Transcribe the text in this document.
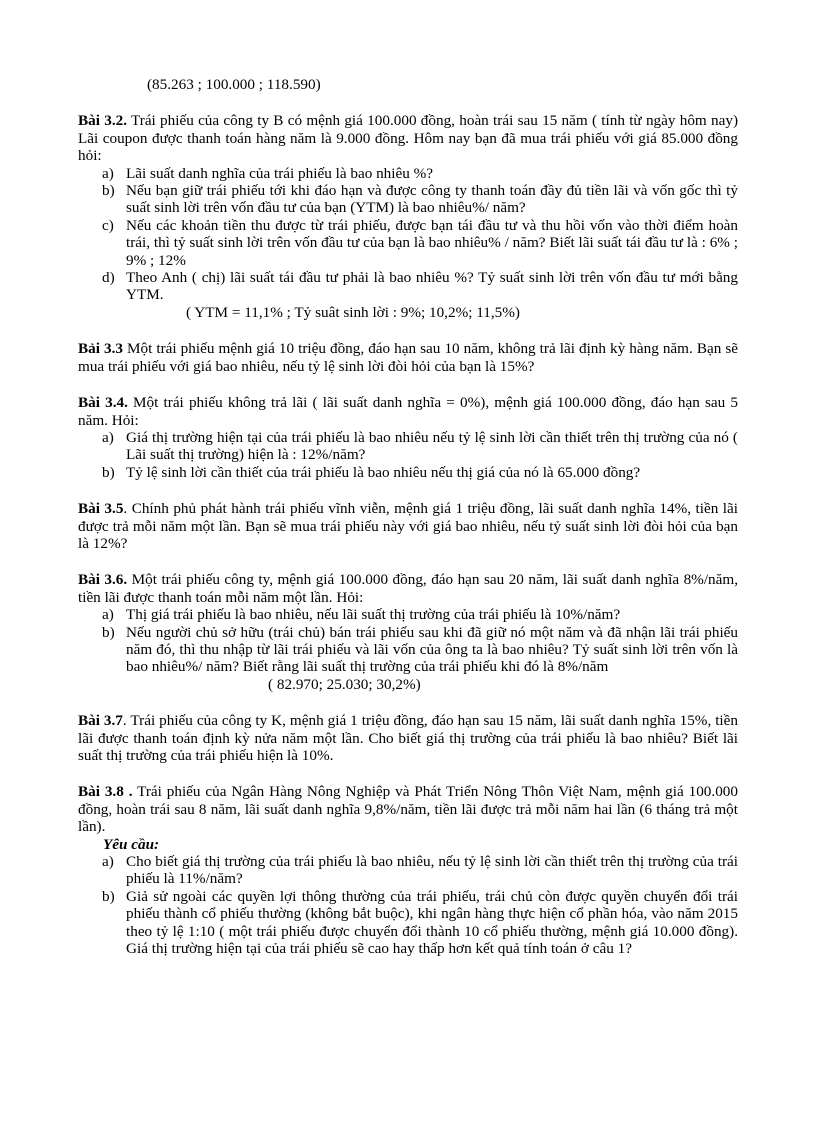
(85.263 ; 100.000 ; 118.590)

Bài 3.2. Trái phiếu của công ty B có mệnh giá 100.000 đồng, hoàn trái sau 15 năm ( tính từ ngày hôm nay) Lãi coupon được thanh toán hàng năm là 9.000 đồng. Hôm nay bạn đã mua trái phiếu với giá 85.000 đồng hỏi:

a) Lãi suất danh nghĩa của trái phiếu là bao nhiêu %?
b) Nếu bạn giữ trái phiếu tới khi đáo hạn và được công ty thanh toán đầy đủ tiền lãi và vốn gốc thì tỷ suất sinh lời trên vốn đầu tư của bạn (YTM) là bao nhiêu%/ năm?
c) Nếu các khoản tiền thu được từ trái phiếu, được bạn tái đầu tư và thu hồi vốn vào thời điểm hoàn trái, thì tỷ suất sinh lời trên vốn đầu tư của bạn là bao nhiêu% / năm? Biết lãi suất tái đầu tư là : 6% ; 9% ; 12%
d) Theo Anh ( chị) lãi suất tái đầu tư phải là bao nhiêu %? Tỷ suất sinh lời trên vốn đầu tư mới bằng YTM.

( YTM = 11,1% ; Tỷ suât sinh lời : 9%; 10,2%; 11,5%)

Bải 3.3 Một trái phiếu mệnh giá 10 triệu đồng, đáo hạn sau 10 năm, không trả lãi định kỳ hàng năm. Bạn sẽ mua trái phiếu với giá bao nhiêu, nếu tỷ lệ sinh lời đòi hỏi của bạn là 15%?

Bài 3.4. Một trái phiếu không trả lãi ( lãi suất danh nghĩa = 0%), mệnh giá 100.000 đồng, đáo hạn sau 5 năm. Hỏi:

a) Giá thị trường hiện tại của trái phiếu là bao nhiêu nếu tỷ lệ sinh lời cần thiết trên thị trường của nó ( Lãi suất thị trường) hiện là : 12%/năm?
b) Tỷ lệ sinh lời cần thiết của trái phiếu là bao nhiêu nếu thị giá của nó là 65.000 đồng?

Bài 3.5. Chính phủ phát hành trái phiếu vĩnh viễn, mệnh giá 1 triệu đồng, lãi suất danh nghĩa 14%, tiền lãi được trả mỗi năm một lần. Bạn sẽ mua trái phiếu này với giá bao nhiêu, nếu tỷ suất sinh lời đòi hỏi của bạn là 12%?

Bài 3.6. Một trái phiếu công ty, mệnh giá 100.000 đồng, đáo hạn sau 20 năm, lãi suất danh nghĩa 8%/năm, tiền lãi được thanh toán mỗi năm một lần. Hỏi:

a) Thị giá trái phiếu là bao nhiêu, nếu lãi suất thị trường của trái phiếu là 10%/năm?
b) Nếu người chủ sở hữu (trái chủ) bán trái phiếu sau khi đã giữ nó một năm và đã nhận lãi trái phiếu năm đó, thì thu nhập từ lãi trái phiếu và lãi vốn của ông ta là bao nhiêu? Tỷ suất sinh lời trên vốn là bao nhiêu%/ năm? Biết rằng lãi suất thị trường của trái phiếu khi đó là 8%/năm

( 82.970; 25.030; 30,2%)

Bài 3.7. Trái phiếu của công ty K, mệnh giá 1 triệu đồng, đáo hạn sau 15 năm, lãi suất danh nghĩa 15%, tiền lãi được thanh toán định kỳ nửa năm một lần. Cho biết giá thị trường của trái phiếu là bao nhiêu? Biết lãi suất thị trường của trái phiếu hiện là 10%.

Bài 3.8 . Trái phiếu của Ngân Hàng Nông Nghiệp và Phát Triển Nông Thôn Việt Nam, mệnh giá 100.000 đồng, hoàn trái sau 8 năm, lãi suất danh nghĩa 9,8%/năm, tiền lãi được trả mỗi năm hai lần (6 tháng trả một lần).

Yêu cầu:

a) Cho biết giá thị trường của trái phiếu là bao nhiêu, nếu tỷ lệ sinh lời cần thiết trên thị trường của trái phiếu là 11%/năm?
b) Giả sử ngoài các quyền lợi thông thường của trái phiếu, trái chủ còn được quyền chuyển đổi trái phiếu thành cổ phiếu thường (không bắt buộc), khi ngân hàng thực hiện cổ phần hóa, vào năm 2015 theo tỷ lệ 1:10 ( một trái phiếu được chuyển đổi thành 10 cổ phiếu thường, mệnh giá 10.000 đồng). Giá thị trường hiện tại của trái phiếu sẽ cao hay thấp hơn kết quả tính toán ở câu 1?
